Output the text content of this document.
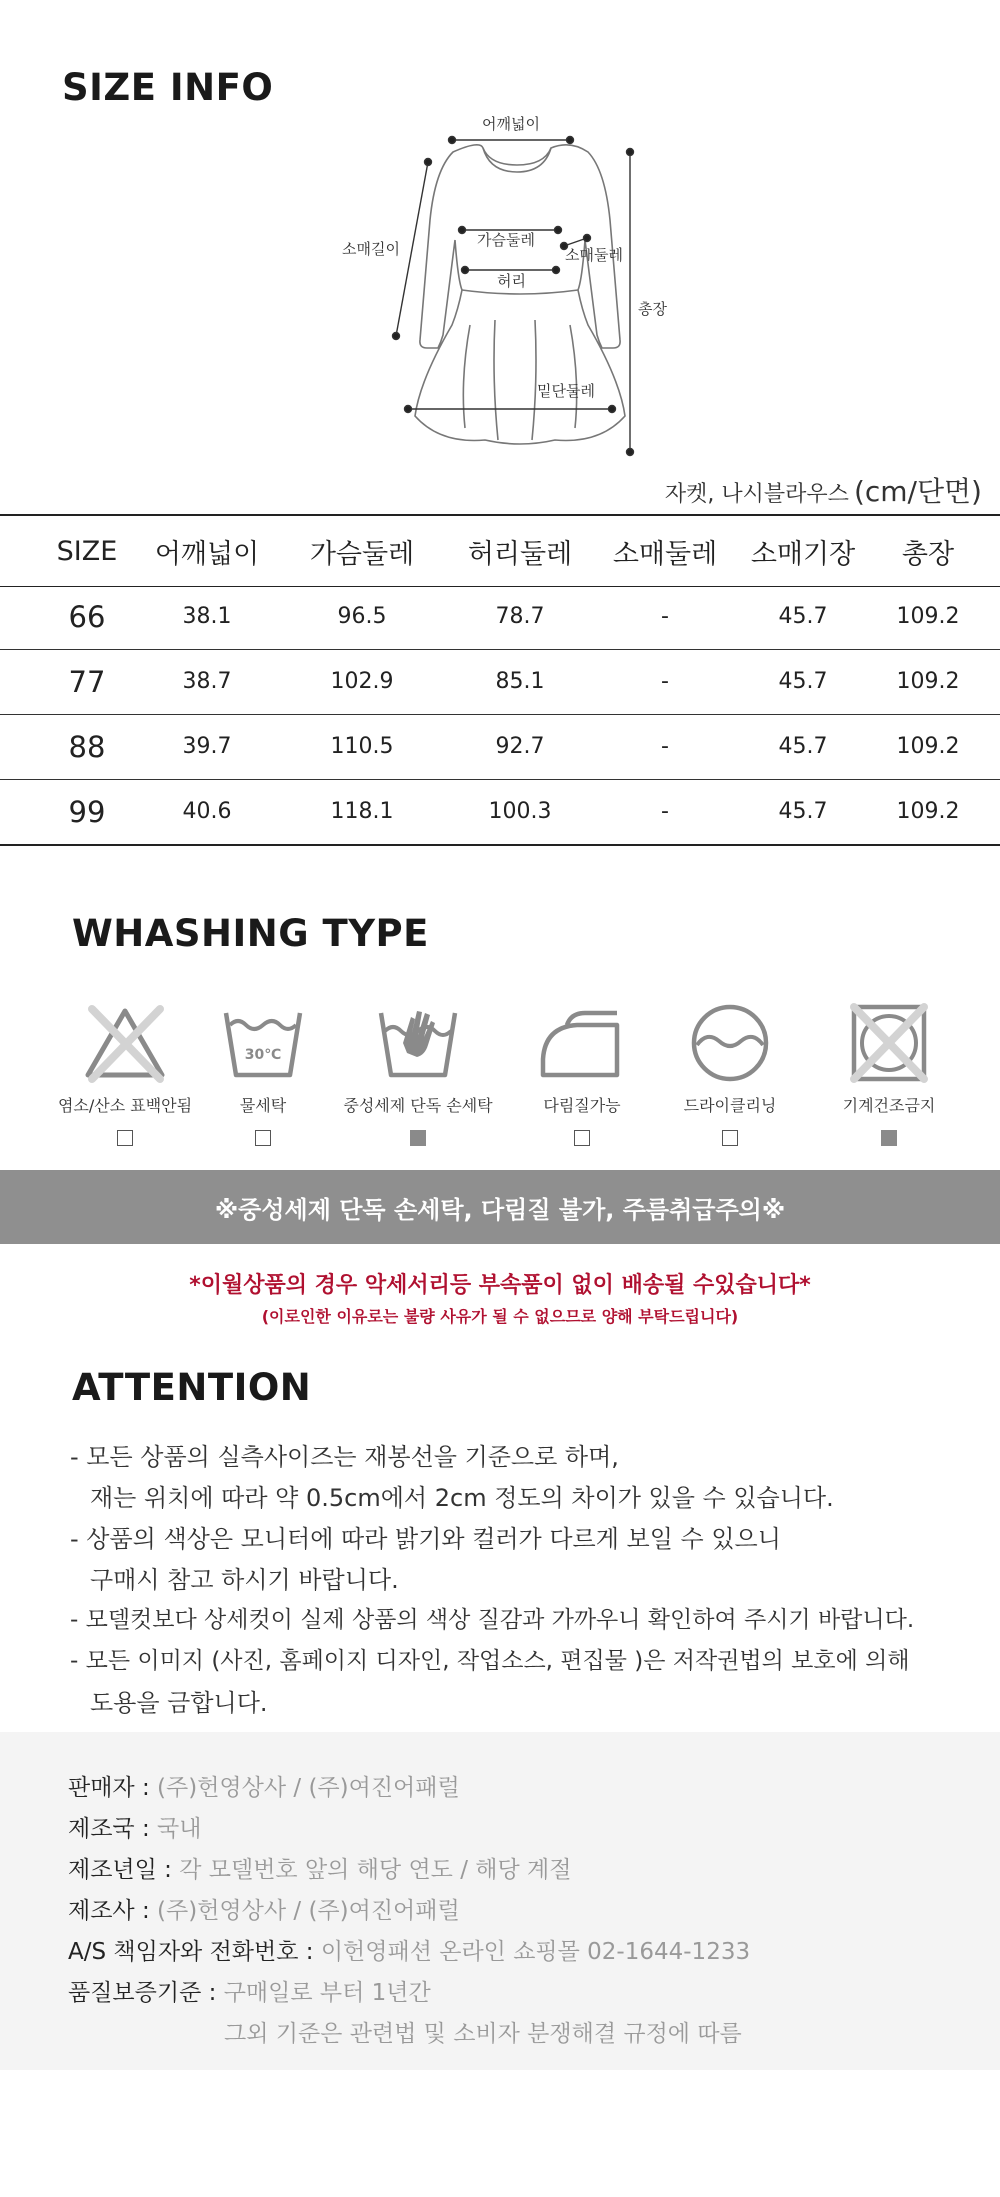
SIZE INFO
어깨넓이
소매길이	가슴둘레
소매둘레
허리
총장
밑단둘레
자켓, 나시블라우스 (cm/단면)
SIZE 어깨넓이 가슴둘레 허리둘레 소매둘레 소매기장 총장
66	38.1	96.5	78.7	-	45.7	109.2
77	38.7	102.9	85.1	-	45.7	109.2
88	39.7	110.5	92.7	-	45.7	109.2
99	40.6	118.1	100.3	-	45.7	109.2
WHASHING TYPE
염소/산소 표백안됨
30℃
물세탁	중성세제 단독 손세탁	다림질가능	드라이클리닝	기계건조금지
※중성세제 단독 손세탁, 다림질 불가, 주름취급주의※
*이월상품의 경우 악세서리등 부속품이 없이 배송될 수있습니다*
(이로인한 이유로는 불량 사유가 될 수 없으므로 양해 부탁드립니다)
ATTENTION
- 모든 상품의 실측사이즈는 재봉선을 기준으로 하며,
재는 위치에 따라 약 0.5cm에서 2cm 정도의 차이가 있을 수 있습니다.
- 상품의 색상은 모니터에 따라 밝기와 컬러가 다르게 보일 수 있으니
구매시 참고 하시기 바랍니다.
- 모델컷보다 상세컷이 실제 상품의 색상 질감과 가까우니 확인하여 주시기 바랍니다.
- 모든 이미지 (사진, 홈페이지 디자인, 작업소스, 편집물 )은 저작권법의 보호에 의해
도용을 금합니다.
판매자 : (주)헌영상사 / (주)여진어패럴
제조국 : 국내
제조년일 : 각 모델번호 앞의 해당 연도 / 해당 계절
제조사 : (주)헌영상사 / (주)여진어패럴
A/S 책임자와 전화번호 : 이헌영패션 온라인 쇼핑몰 02-1644-1233
품질보증기준 : 구매일로 부터 1년간
그외 기준은 관련법 및 소비자 분쟁해결 규정에 따름
